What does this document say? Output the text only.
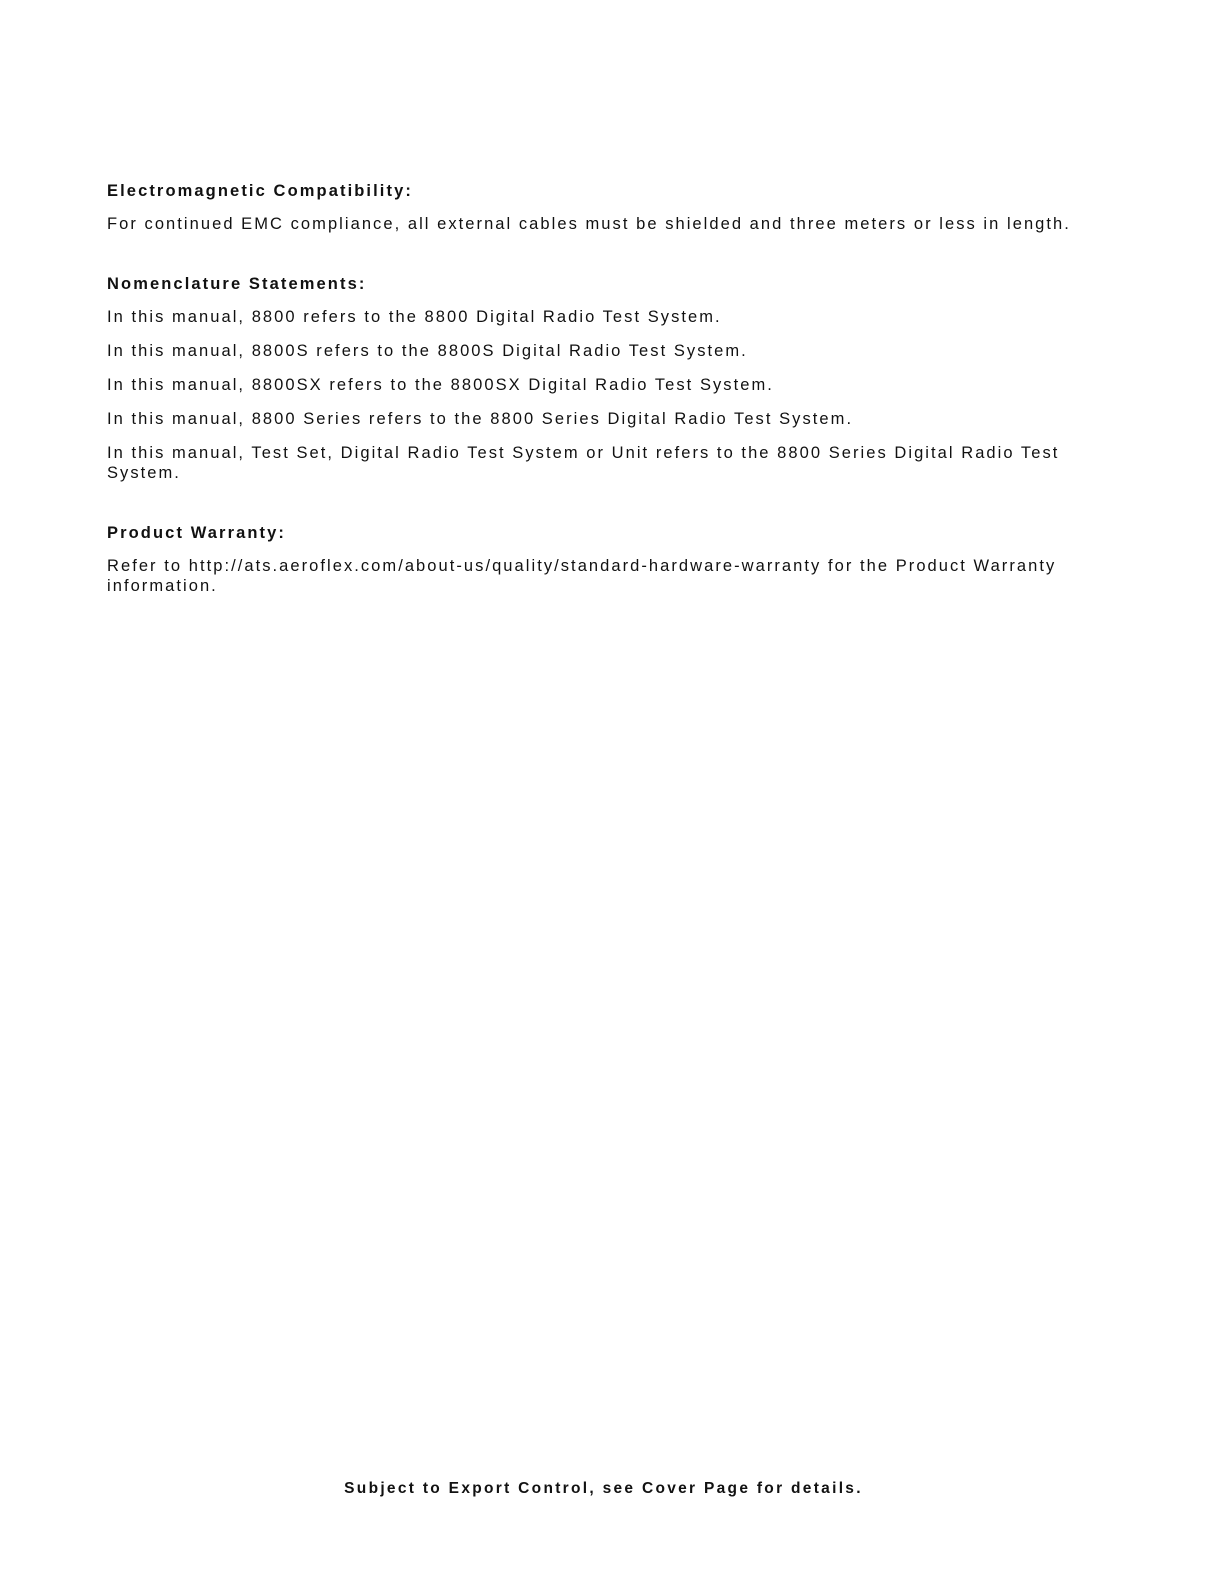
Electromagnetic Compatibility:

For continued EMC compliance, all external cables must be shielded and three meters or less in length.

Nomenclature Statements:

In this manual, 8800 refers to the 8800 Digital Radio Test System.

In this manual, 8800S refers to the 8800S Digital Radio Test System.

In this manual, 8800SX refers to the 8800SX Digital Radio Test System.

In this manual, 8800 Series refers to the 8800 Series Digital Radio Test System.

In this manual, Test Set, Digital Radio Test System or Unit refers to the 8800 Series Digital Radio Test System.

Product Warranty:

Refer to http://ats.aeroflex.com/about-us/quality/standard-hardware-warranty for the Product Warranty information.

Subject to Export Control, see Cover Page for details.
